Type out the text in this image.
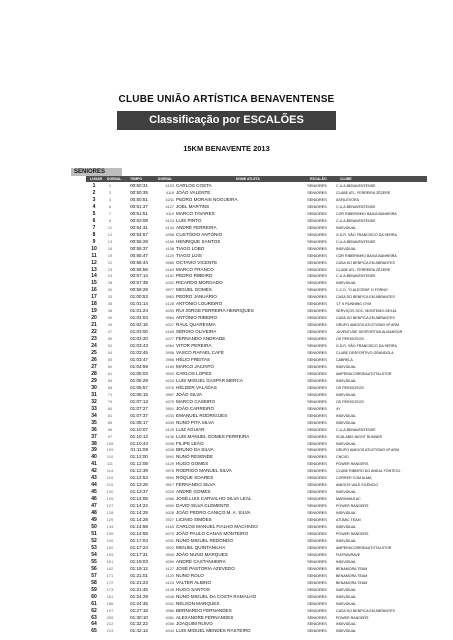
CLUBE UNIÃO ARTÍSTICA BENAVENTENSE
Classificação por ESCALÕES
15KM BENAVENTE 2013
SENIORES
LUGAR DORSAL	TEMPO	DORSAL	NOME ATLETA	ESCALÃO	CLUBE
1	1	00:50:31	4153 CARLOS COSTA	SENIORES	C.U.A.BENAVENTENSE
2	3	00:50:35	4116 JOÃO VALENTE	SENIORES	CLUBE ATL. FERREIRA ZÊZERE
3	4	00:50:51	4241 PEDRO MORAIS NOGUEIRA	SENIORES	ASFA-ÉVORA
4	6	00:51:37	4127 JOEL MARTINS	SENIORES	C.U.A.BENAVENTENSE
5	7	00:51:51	4119 MARCO TAVARES	SENIORES	COR RIBEIRINHO BAIXA BANHEIRA
6	8	00:53:08	4124 LUIS PINTO	SENIORES	C.U.A.BENAVENTENSE
7	11	00:54:31	4134 ANDRÉ FERREIRA	SENIORES	INDIVIDUAL
8	12	00:54:57	4058 CUSTÓDIO ANTÓNIO	SENIORES	G.D.R. SÃO FRANCISCO DA SERRA
9	13	00:55:28	4156 HENRIQUE SANTOS	SENIORES	C.U.A.BENAVENTENSE
10	16	00:55:37	4108 TIAGO LOBO	SENIORES	INDIVIDUAL
11	19	00:55:47	4120 TIAGO LUIS	SENIORES	COR RIBEIRINHO BAIXA BANHEIRA
12	22	00:56:44	3965 OCTAVIO VICENTE	SENIORES	CASA DO BENFICA EM ABRANTES
13	23	00:56:56	4163 MARCO FRANCO	SENIORES	CLUBE ATL. FERREIRA ZÊZERE
14	24	00:57:14	4152 PEDRO RIBEIRO	SENIORES	C.U.A.BENAVENTENSE
15	28	00:57:39	4032 RICARDO MORGADO	SENIORES	INDIVIDUAL
16	30	00:59:29	3977 MIGUEL GOMES	SENIORES	C.C.D. "O ALECRIM" O FORNO
17	33	01:00:53	3963 PEDRO JANUÁRIO	SENIORES	CASA DO BENFICA EM ABRANTES
18	36	01:01:14	4128 ANTÓNIO LOUREIRO	SENIORES	'LT' 6 RUNNING GYM
19	38	01:01:24	4093 RUI JORGE FERREIRA HENRIQUES	SENIORES	SERVIÇOS SOC. MONTEMO-SEXAL
20	40	01:02:04	3964 ANTÓNIO RIBEIRO	SENIORES	CASA DO BENFICA EM ABRANTES
21	43	01:02:16	4027 RAUL QUARESMA	SENIORES	GRUPO AMIGOS ATLETISMO Nº ARM
22	47	01:03:00	4169 SÉRGIO OLIVEIRA	SENIORES	JUVENTUDE DESPORTIVA ALMANSOR
23	50	01:03:20	4077 FERNANDO ANDRADE	SENIORES	OS PERIGOSOS
24	52	01:03:43	4064 VITOR PEREIRA	SENIORES	G.D.R. SÃO FRANCISCO DA SERRA
25	54	01:03:46	3958 VASCO RAFAEL CAFÉ	SENIORES	CLUBE DESPORTIVO GRANDOLA
26	55	01:03:47	3956 HÉLIO FREITAS	SENIORES	CABRELA
27	60	01:04:59	4165 MARCO JACINTO	SENIORES	INDIVIDUAL
28	61	01:05:03	3920 CARLOS LOPES	SENIORES	AMPERACORRIDAUTOTALSTOR
29	65	01:05:29	4024 LUIS MIGUEL GASPAR MERCA	SENIORES	INDIVIDUAL
30	68	01:05:57	4076 HÉLDER VALADAS	SENIORES	OS PERIGOSOS
31	71	01:06:15	3997 JOÃO SILVA	SENIORES	INDIVIDUAL
32	79	01:07:13	4075 MARCO CASEIRO	SENIORES	OS PERIGOSOS
33	80	01:07:27	3901 JOÃO CARREIRO	SENIORES	4Y
34	81	01:07:37	4033 EMANUEL RODRIGUES	SENIORES	INDIVIDUAL
35	85	01:08:17	4049 NUNO PITA SILVA	SENIORES	INDIVIDUAL
36	96	01:10:07	4129 LUIZ AGUIAR	SENIORES	C.U.A.BENAVENTENSE
37	97	01:10:13	4136 LUIS MANUEL GOMES FERREIRA	SENIORES	SCALABIS NIGHT RUNNER
38	108	01:10:44	4038 FILIPE LEÃO	SENIORES	INDIVIDUAL
39	109	01:11:08	4028 BRUNO DA SILVA	SENIORES	GRUPO AMIGOS ATLETISMO Nº ARM
40	110	01:12:00	3991 NUNO RESENDE	SENIORES	CNCVD
41	111	01:12:08	4129 HUGO GOMES	SENIORES	POWER RANGERS
42	114	01:12:39	3978 RODRIGO MANUEL SILVA	SENIORES	CLUBE RIBEIRO DO ANEAL FONTEOL
43	115	01:12:53	3994 ROQUE SOARES	SENIORES	CORRER COM ALMA
44	119	01:13:26	3917 FERNANDO SILVA	SENIORES	AMIGOS VALE SILÊNCIO
45	120	01:13:37	4029 ANDRÉ GOMES	SENIORES	INDIVIDUAL
46	125	01:14:05	4066 JOSÉ LUIS CARVALHO SILVA LEAL	SENIORES	MARINHAS AC
47	127	01:14:22	4090 DAVID SILVA CLEMENTE	SENIORES	POWER RANGERS
48	128	01:14:25	4028 JOÃO PEDRO CANIÇO M. A. SILVA	SENIORES	INDIVIDUAL
49	129	01:14:28	3927 LICINIO SIMÕES	SENIORES	ATOMIC TEAM
50	134	01:14:58	4163 CARLOS MANUEL FIALHO MACHADO	SENIORES	INDIVIDUAL
51	135	01:14:58	4079 JOÃO PAULO CANAS MONTEIRO	SENIORES	POWER RANGERS
52	149	01:17:04	4031 NUNO MIGUEL REDONDO	SENIORES	INDIVIDUAL
53	152	01:17:24	3922 MIGUEL QUINTANILHA	SENIORES	AMPERACORRIDAUTOTALSTOR
54	153	01:17:31	3949 JOÃO NUNO MARQUES	SENIORES	FIATRAVRAVE
55	161	01:19:03	4050 ANDRÉ CASTANHEIRA	SENIORES	INDIVIDUAL
56	162	01:19:12	4127 JOSÉ PASTORIA AZEVEDO	SENIORES	BENAMORA TEAM
57	171	01:21:01	4125 NUNO ROLO	SENIORES	BENAMORA TEAM
58	172	01:21:23	4124 VALTER ALBINO	SENIORES	BENAMORA TEAM
59	173	01:21:45	4135 HUGO SANTOS	SENIORES	INDIVIDUAL
60	181	01:24:29	4048 NUNO MIGUEL DA COSTA RAMALHO	SENIORES	INDIVIDUAL
61	186	01:24:45	4041 NELSON MARQUES	SENIORES	INDIVIDUAL
62	197	01:27:18	3966 BERNARDO FERNANDES	SENIORES	CASA DO BENFICA EM ABRANTES
63	205	01:30:10	4081 ALEXANDRE FERNANDES	SENIORES	POWER RANGERS
64	212	01:32:22	4056 JOAQUIM RUIVO	SENIORES	INDIVIDUAL
65	213	01:42:12	4044 LUIS MIGUEL MENDES RASTEIRO	SENIORES	INDIVIDUAL
